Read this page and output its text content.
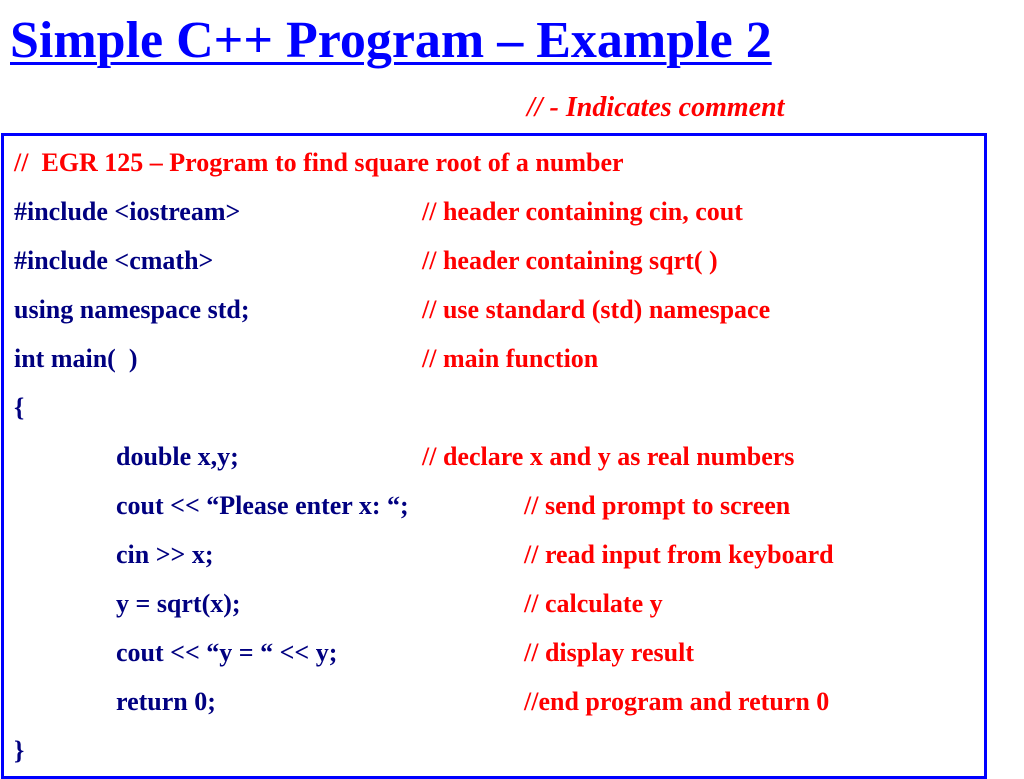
Simple C++ Program – Example 2
// - Indicates comment
//  EGR 125 – Program to find square root of a number
#include <iostream>	// header containing cin, cout
#include <cmath>	// header containing sqrt( )
using namespace std;	// use standard (std) namespace
int main(  )	// main function
{
double x,y;	// declare x and y as real numbers
cout << “Please enter x: “;	// send prompt to screen
cin >> x;	// read input from keyboard
y = sqrt(x);	// calculate y
cout << “y = “ << y;	// display result
return 0;	//end program and return 0
}
